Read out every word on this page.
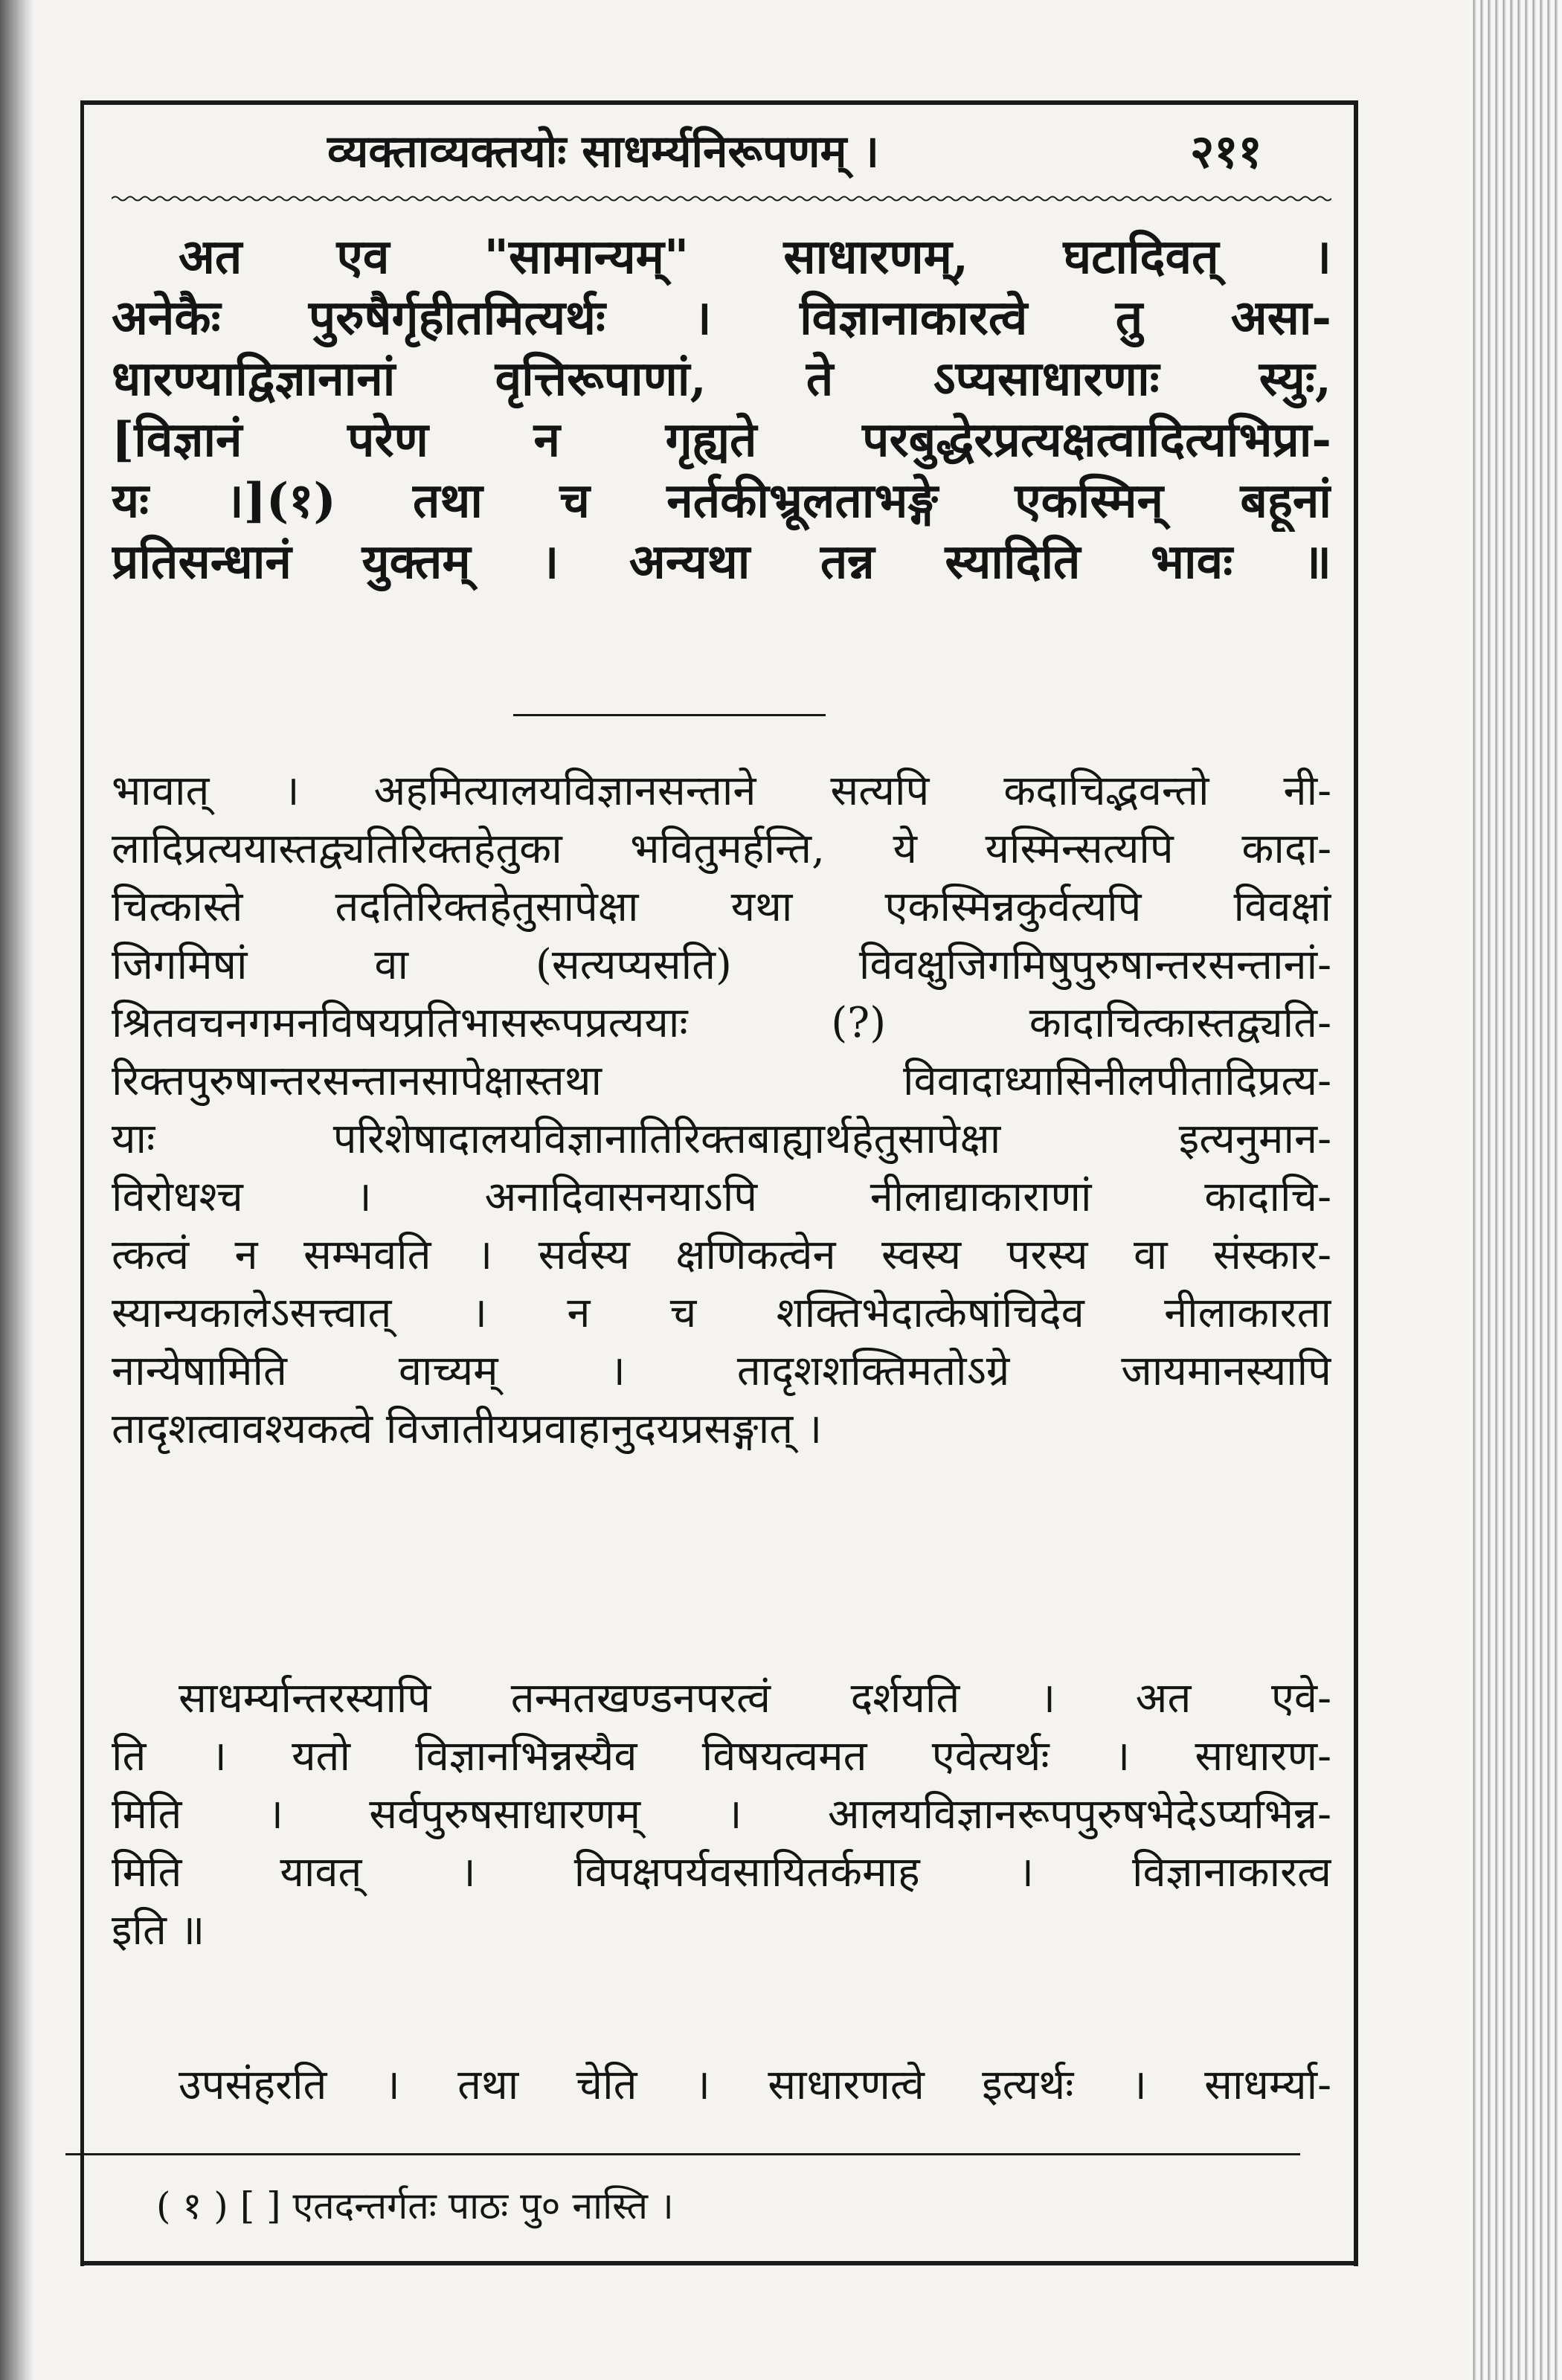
व्यक्ताव्यक्तयोः साधर्म्यनिरूपणम् ।	२११
अत एव "सामान्यम्" साधारणम्, घटादिवत् ।
अनेकैः पुरुषैर्गृहीतमित्यर्थः । विज्ञानाकारत्वे तु असा-
धारण्याद्विज्ञानानां वृत्तिरूपाणां, ते ऽप्यसाधारणाः स्युः,
[विज्ञानं परेण न गृह्यते परबुद्धेरप्रत्यक्षत्वादित्यभिप्रा-
यः ।](१) तथा च नर्तकीभ्रूलताभङ्गे एकस्मिन् बहूनां
प्रतिसन्धानं युक्तम् । अन्यथा तन्न स्यादिति भावः ॥
भावात् । अहमित्यालयविज्ञानसन्ताने सत्यपि कदाचिद्भवन्तो नी-
लादिप्रत्ययास्तद्व्यतिरिक्तहेतुका भवितुमर्हन्ति, ये यस्मिन्सत्यपि कादा-
चित्कास्ते तदतिरिक्तहेतुसापेक्षा यथा एकस्मिन्नकुर्वत्यपि विवक्षां
जिगमिषां वा (सत्यप्यसति) विवक्षुजिगमिषुपुरुषान्तरसन्तानां-
श्रितवचनगमनविषयप्रतिभासरूपप्रत्ययाः (?) कादाचित्कास्तद्व्यति-
रिक्तपुरुषान्तरसन्तानसापेक्षास्तथा विवादाध्यासिनीलपीतादिप्रत्य-
याः परिशेषादालयविज्ञानातिरिक्तबाह्यार्थहेतुसापेक्षा इत्यनुमान-
विरोधश्च । अनादिवासनयाऽपि नीलाद्याकाराणां कादाचि-
त्कत्वं न सम्भवति । सर्वस्य क्षणिकत्वेन स्वस्य परस्य वा संस्कार-
स्यान्यकालेऽसत्त्वात् । न च शक्तिभेदात्केषांचिदेव नीलाकारता
नान्येषामिति वाच्यम् । तादृशशक्तिमतोऽग्रे जायमानस्यापि
तादृशत्वावश्यकत्वे विजातीयप्रवाहानुदयप्रसङ्गात् ।
साधर्म्यान्तरस्यापि तन्मतखण्डनपरत्वं दर्शयति । अत एवे-
ति । यतो विज्ञानभिन्नस्यैव विषयत्वमत एवेत्यर्थः । साधारण-
मिति । सर्वपुरुषसाधारणम् । आलयविज्ञानरूपपुरुषभेदेऽप्यभिन्न-
मिति यावत् । विपक्षपर्यवसायितर्कमाह । विज्ञानाकारत्व
इति ॥
उपसंहरति । तथा चेति । साधारणत्वे इत्यर्थः । साधर्म्या-
( १ ) [ ] एतदन्तर्गतः पाठः पु० नास्ति ।
